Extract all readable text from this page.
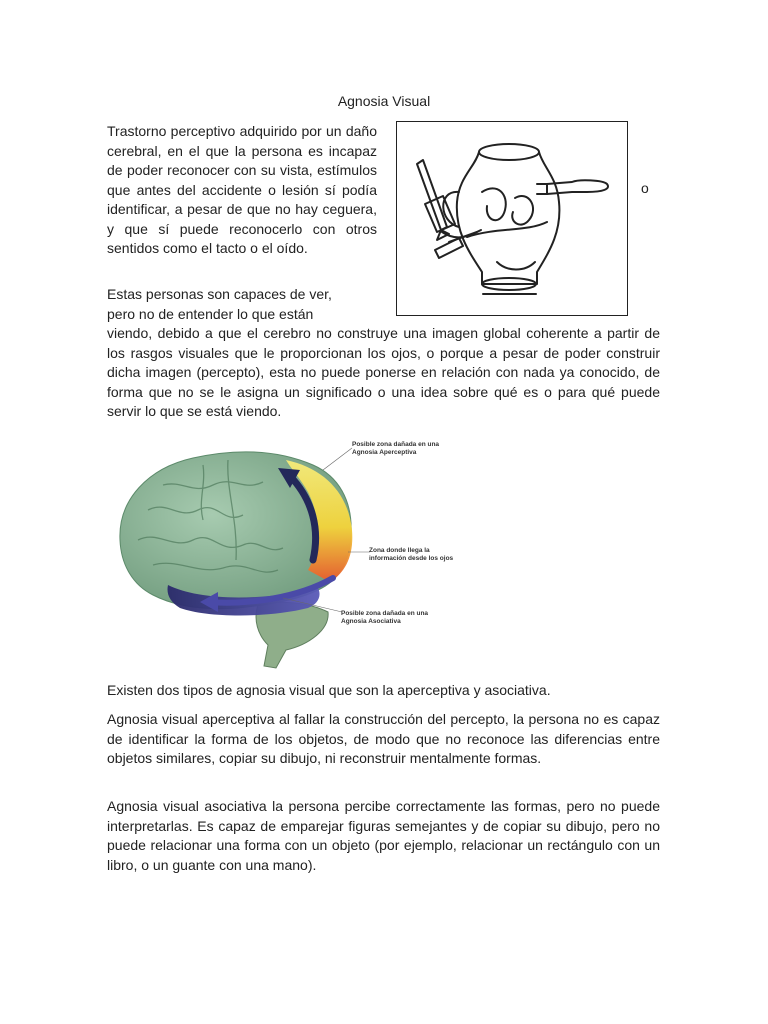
Agnosia Visual

Trastorno perceptivo adquirido por un daño cerebral, en el que la persona es incapaz de poder reconocer con su vista, estímulos que antes del accidente o lesión sí podía identificar, a pesar de que no hay ceguera, y que sí puede reconocerlo con otros sentidos como el tacto o el oído.

o

Estas personas son capaces de ver,
pero no de entender lo que están
viendo, debido a que el cerebro no construye una imagen global coherente a partir de los rasgos visuales que le proporcionan los ojos, o porque a pesar de poder construir dicha imagen (percepto), esta no puede ponerse en relación con nada ya conocido, de forma que no se le asigna un significado o una idea sobre qué es o para qué puede servir lo que se está viendo.

Posible zona dañada en una Agnosia Aperceptiva
Zona donde llega la información desde los ojos
Posible zona dañada en una Agnosia Asociativa

Existen dos tipos de agnosia visual que son la aperceptiva y asociativa.

Agnosia visual aperceptiva al fallar la construcción del percepto, la persona no es capaz de identificar la forma de los objetos, de modo que no reconoce las diferencias entre objetos similares, copiar su dibujo, ni reconstruir mentalmente formas.

Agnosia visual asociativa la persona percibe correctamente las formas, pero no puede interpretarlas. Es capaz de emparejar figuras semejantes y de copiar su dibujo, pero no puede relacionar una forma con un objeto (por ejemplo, relacionar un rectángulo con un libro, o un guante con una mano).
